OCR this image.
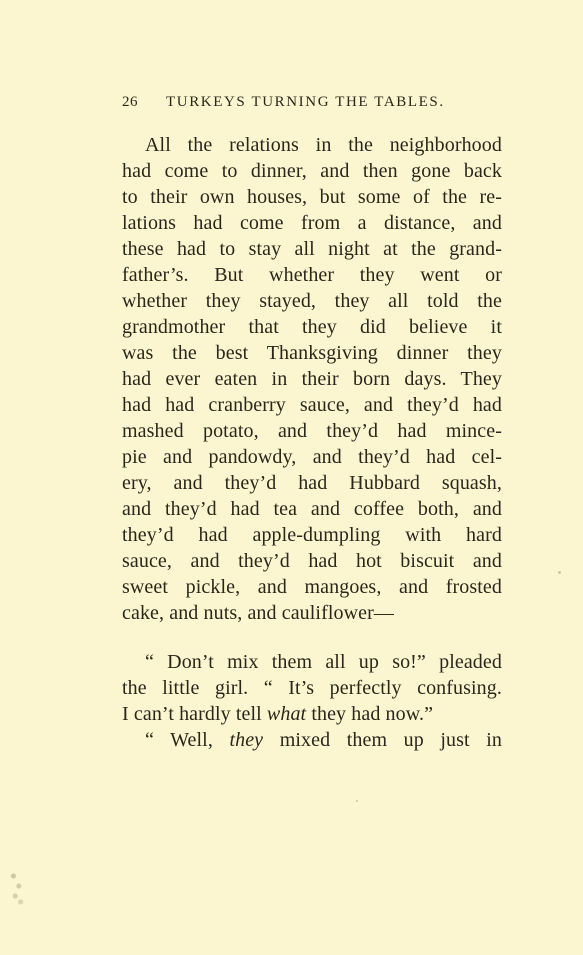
26 TURKEYS TURNING THE TABLES.
All the relations in the neighborhood
had come to dinner, and then gone back
to their own houses, but some of the re-
lations had come from a distance, and
these had to stay all night at the grand-
father’s. But whether they went or
whether they stayed, they all told the
grandmother that they did believe it
was the best Thanksgiving dinner they
had ever eaten in their born days. They
had had cranberry sauce, and they’d had
mashed potato, and they’d had mince-
pie and pandowdy, and they’d had cel-
ery, and they’d had Hubbard squash,
and they’d had tea and coffee both, and
they’d had apple-dumpling with hard
sauce, and they’d had hot biscuit and
sweet pickle, and mangoes, and frosted
cake, and nuts, and cauliflower—
“ Don’t mix them all up so!” pleaded
the little girl. “ It’s perfectly confusing.
I can’t hardly tell what they had now.”
“ Well, they mixed them up just in
